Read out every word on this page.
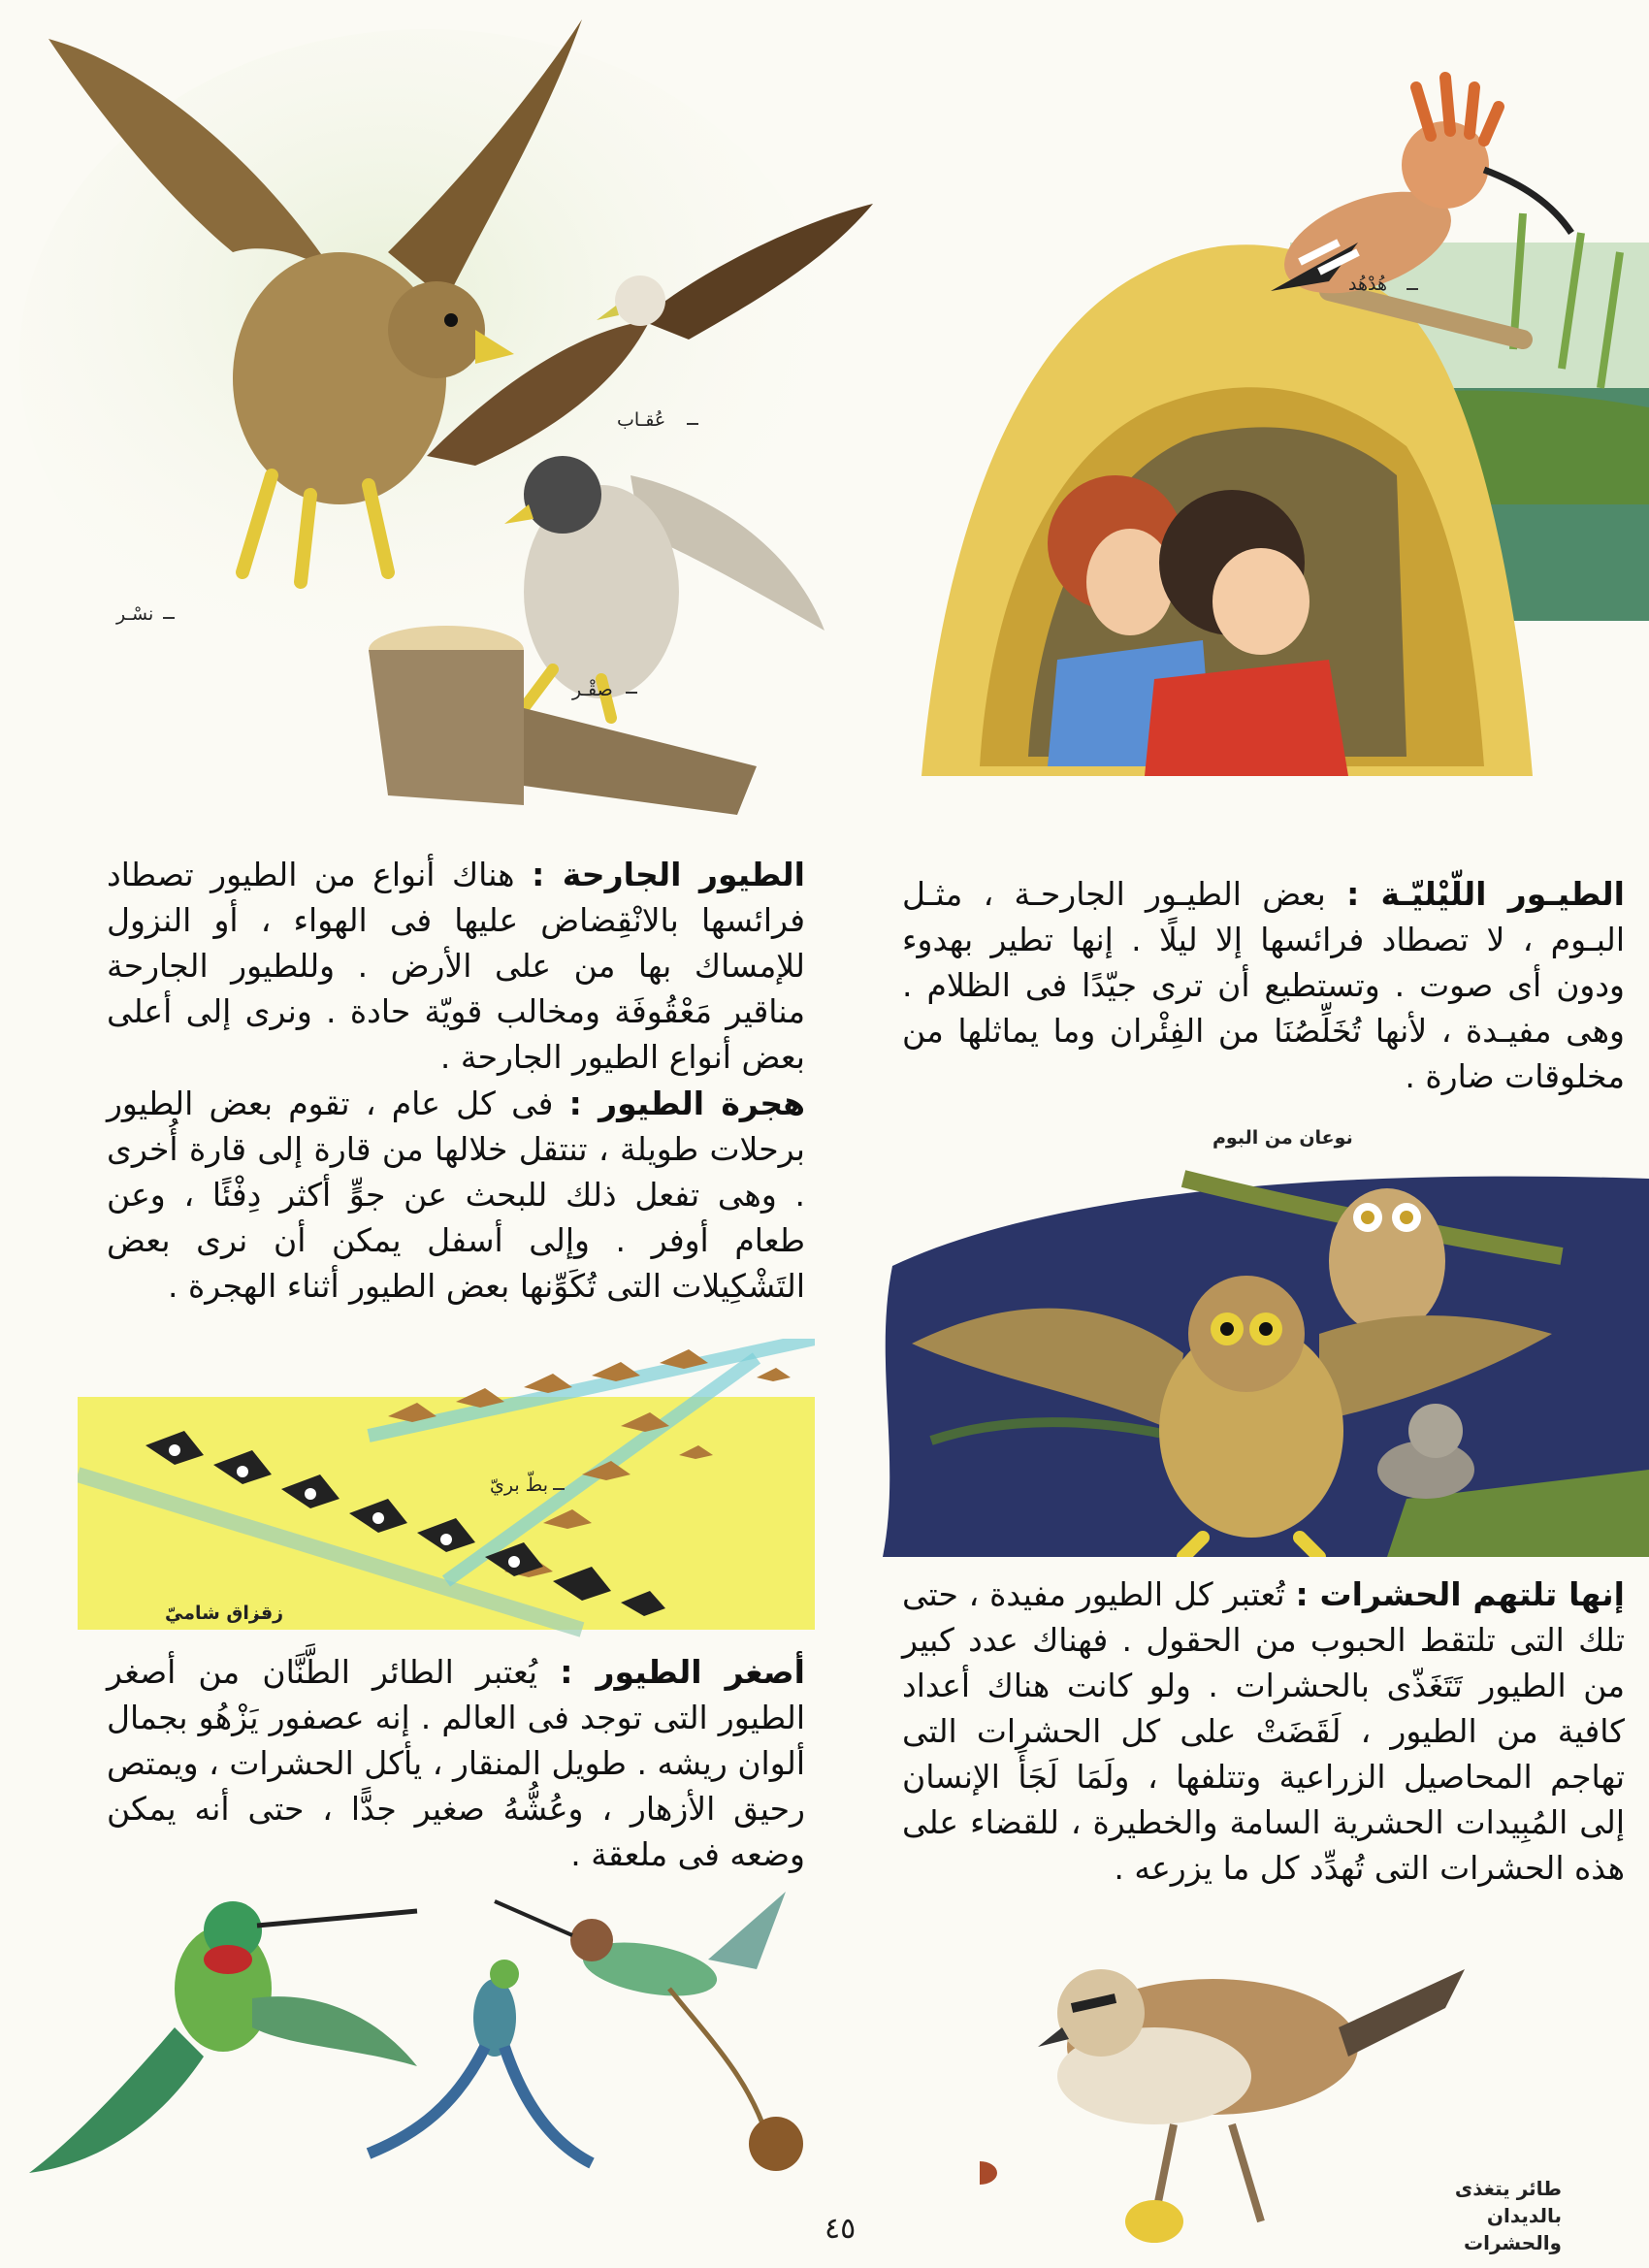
نسْـر
عُقـاب
صقْـر
هُدْهُد

الطيـور اللّيْليّـة : بعض الطيـور الجارحـة ، مثـل البـوم ، لا تصطاد فرائسها إلا ليلًا . إنها تطير بهدوء ودون أى صوت . وتستطيع أن ترى جيّدًا فى الظلام . وهى مفيـدة ، لأنها تُخَلِّصُنَا من الفِئْران وما يماثلها من مخلوقات ضارة .

نوعان من البوم

إنها تلتهم الحشرات : تُعتبر كل الطيور مفيدة ، حتى تلك التى تلتقط الحبوب من الحقول . فهناك عدد كبير من الطيور تَتَغَذّى بالحشرات . ولو كانت هناك أعداد كافية من الطيور ، لَقَضَتْ على كل الحشرات التى تهاجم المحاصيل الزراعية وتتلفها ، ولَمَا لَجَأَ الإنسان إلى المُبِيدات الحشرية السامة والخطيرة ، للقضاء على هذه الحشرات التى تُهدِّد كل ما يزرعه .

طائر يتغذى بالديدان والحشرات

الطيور الجارحة : هناك أنواع من الطيور تصطاد فرائسها بالانْقِضاض عليها فى الهواء ، أو النزول للإمساك بها من على الأرض . وللطيور الجارحة مناقير مَعْقُوفَة ومخالب قويّة حادة . ونرى إلى أعلى بعض أنواع الطيور الجارحة .

هجرة الطيور : فى كل عام ، تقوم بعض الطيور برحلات طويلة ، تنتقل خلالها من قارة إلى قارة أُخرى . وهى تفعل ذلك للبحث عن جوٍّ أكثر دِفْئًا ، وعن طعام أوفر . وإلى أسفل يمكن أن نرى بعض التَشْكِيلات التى تُكَوِّنها بعض الطيور أثناء الهجرة .

بطّ بريّ
زقزاق شاميّ

أصغر الطيور : يُعتبر الطائر الطَّنَّان من أصغر الطيور التى توجد فى العالم . إنه عصفور يَزْهُو بجمال ألوان ريشه . طويل المنقار ، يأكل الحشرات ، ويمتص رحيق الأزهار ، وعُشُّهُ صغير جدًّا ، حتى أنه يمكن وضعه فى ملعقة .

٤٥
